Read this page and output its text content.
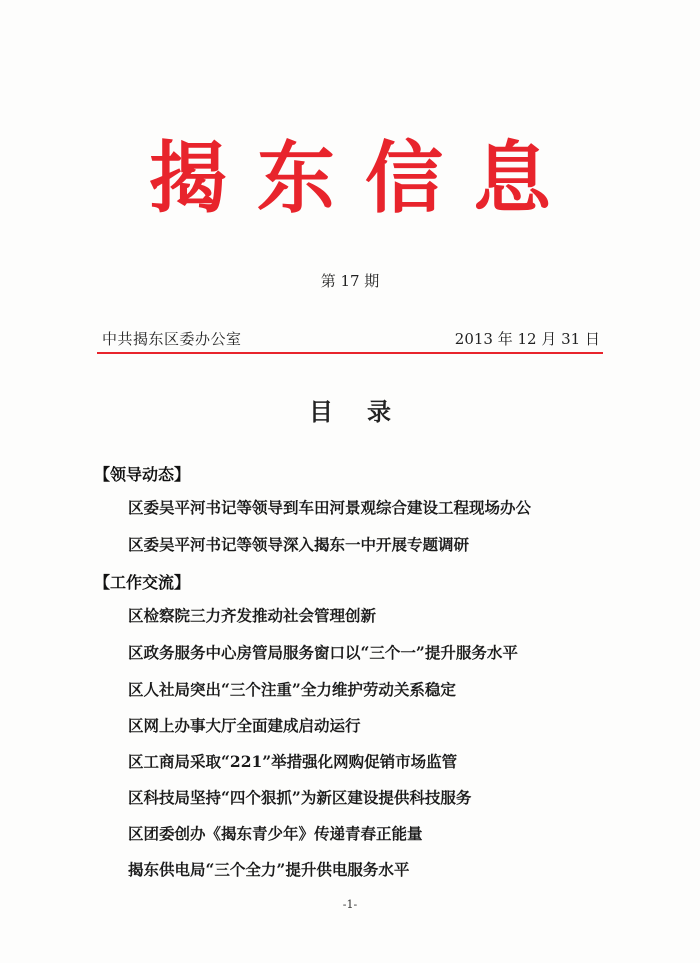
揭东信息
第 17 期
中共揭东区委办公室	2013 年 12 月 31 日
目录
【领导动态】
区委吴平河书记等领导到车田河景观综合建设工程现场办公
区委吴平河书记等领导深入揭东一中开展专题调研
【工作交流】
区检察院三力齐发推动社会管理创新
区政务服务中心房管局服务窗口以“三个一”提升服务水平
区人社局突出“三个注重”全力维护劳动关系稳定
区网上办事大厅全面建成启动运行
区工商局采取“221”举措强化网购促销市场监管
区科技局坚持“四个狠抓”为新区建设提供科技服务
区团委创办《揭东青少年》传递青春正能量
揭东供电局“三个全力”提升供电服务水平
-1-
